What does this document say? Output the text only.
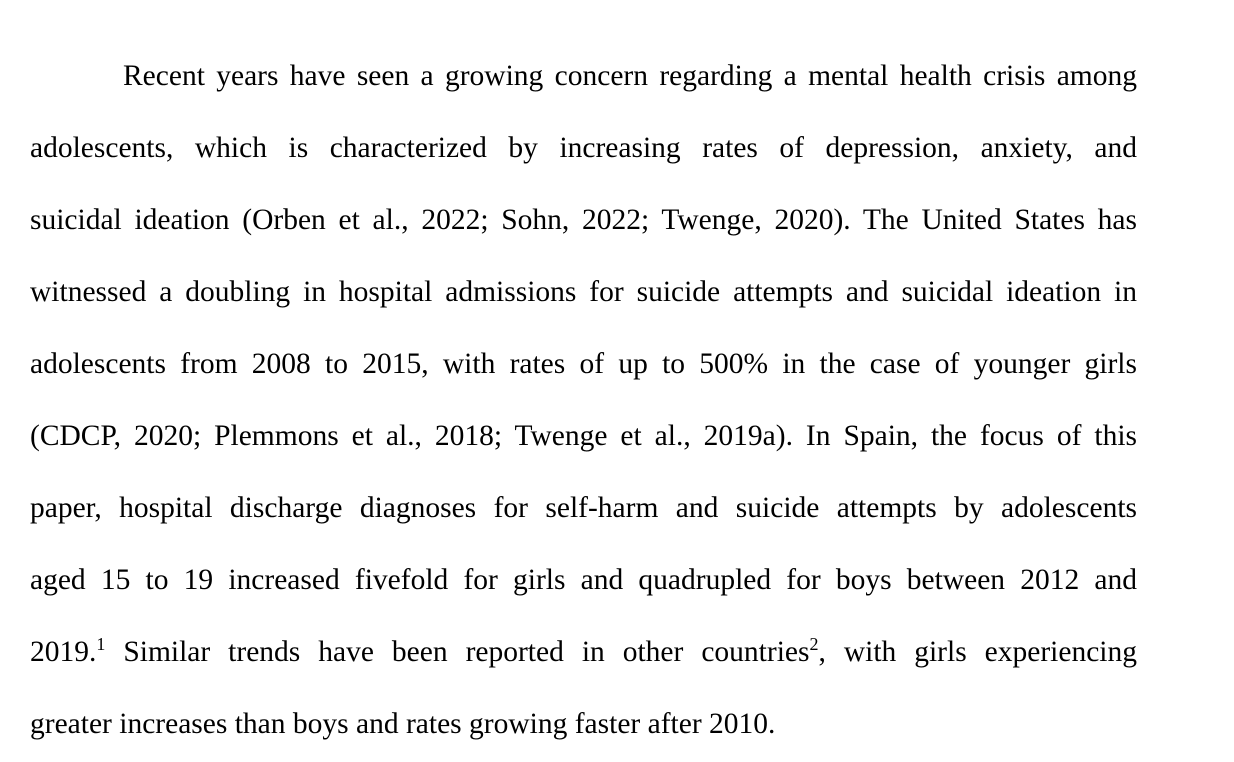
Recent years have seen a growing concern regarding a mental health crisis among
adolescents, which is characterized by increasing rates of depression, anxiety, and
suicidal ideation (Orben et al., 2022; Sohn, 2022; Twenge, 2020). The United States has
witnessed a doubling in hospital admissions for suicide attempts and suicidal ideation in
adolescents from 2008 to 2015, with rates of up to 500% in the case of younger girls
(CDCP, 2020; Plemmons et al., 2018; Twenge et al., 2019a). In Spain, the focus of this
paper, hospital discharge diagnoses for self-harm and suicide attempts by adolescents
aged 15 to 19 increased fivefold for girls and quadrupled for boys between 2012 and
2019.$^1$ Similar trends have been reported in other countries$^2$, with girls experiencing
greater increases than boys and rates growing faster after 2010.
